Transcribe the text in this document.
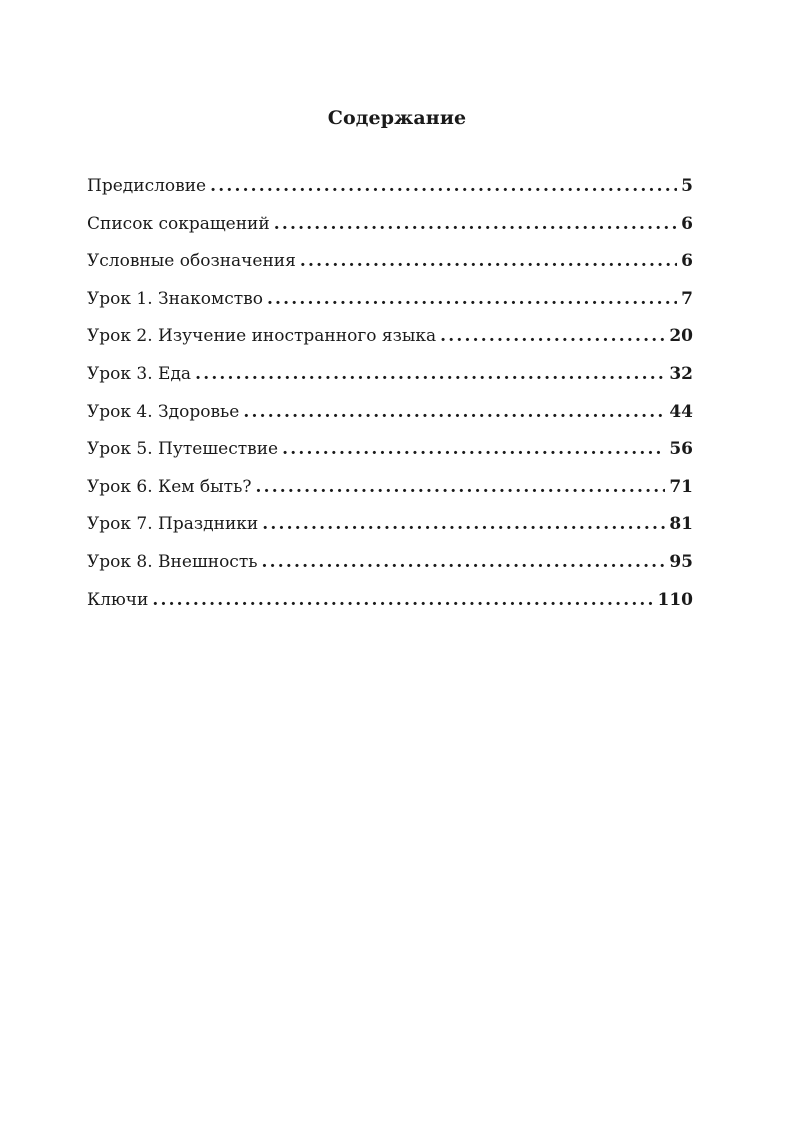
Содержание
Предисловие .....	5
Список сокращений .....	6
Условные обозначения .....	6
Урок 1. Знакомство .....	7
Урок 2. Изучение иностранного языка .....	20
Урок 3. Еда .....	32
Урок 4. Здоровье .....	44
Урок 5. Путешествие .....	56
Урок 6. Кем быть? .....	71
Урок 7. Праздники .....	81
Урок 8. Внешность .....	95
Ключи .....	110
